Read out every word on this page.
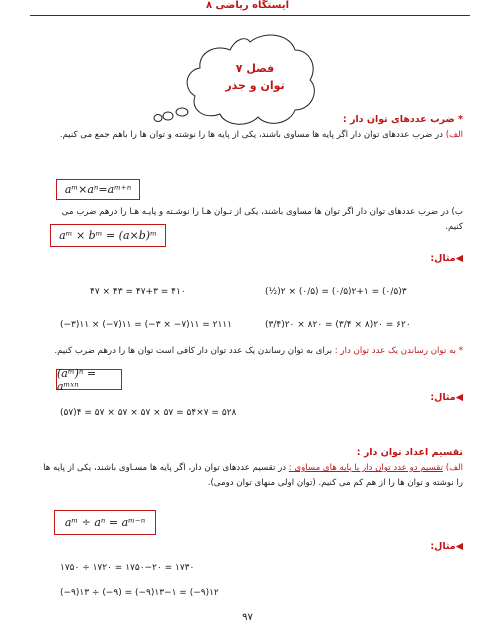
ایستگاه ریاضی ۸
فصل ۷
توان و جذر
* ضرب عددهای توان دار :
الف) در ضرب عددهای توان دار اگر پایه ها مساوی باشند، یکی از پایه ها را نوشته و توان ها را باهم جمع می کنیم.
aᵐ×aⁿ=aᵐ⁺ⁿ
ب) در ضرب عددهای توان دار اگر توان ها مساوی باشند، یکی از تـوان هـا را نوشـته و پایـه هـا را درهم ضرب می کنیم.
aᵐ × bᵐ = (a×b)ᵐ
◀مثال:
۴۷ × ۴۳ = ۴۷+۳ = ۴۱۰	(½)۲ × (۰/۵) = (۰/۵)۲+۱ = (۰/۵)۳
(−۳)۱۱ × (−۷)۱۱ = (−۳ × −۷)۱۱ = ۲۱۱۱	(۳/۴)۲۰ × ۸۲۰ = (۳/۴ × ۸)۲۰ = ۶۲۰
* به توان رساندن یک عدد توان دار : برای به توان رساندن یک عدد توان دار کافی است توان ها را درهم ضرب کنیم.
(aᵐ)ⁿ = aᵐˣⁿ
◀مثال:
(۵۷)۴ = ۵۷ × ۵۷ × ۵۷ × ۵۷ = ۵۴×۷ = ۵۲۸
تقسیم اعداد توان دار :
الف) تقسیم دو عدد توان دار با پایه های مساوی : در تقسیم عددهای توان دار، اگر پایه ها مسـاوی باشند، یکی از پایه ها را نوشته و توان ها را از هم کم می کنیم. (توان اولی منهای توان دومی).
aᵐ ÷ aⁿ = aᵐ⁻ⁿ
◀مثال:
۱۷۵۰ ÷ ۱۷۲۰ = ۱۷۵۰−۲۰ = ۱۷۳۰
(−۹)۱۳ ÷ (−۹) = (−۹)۱۳−۱ = (−۹)۱۲
۹۷
